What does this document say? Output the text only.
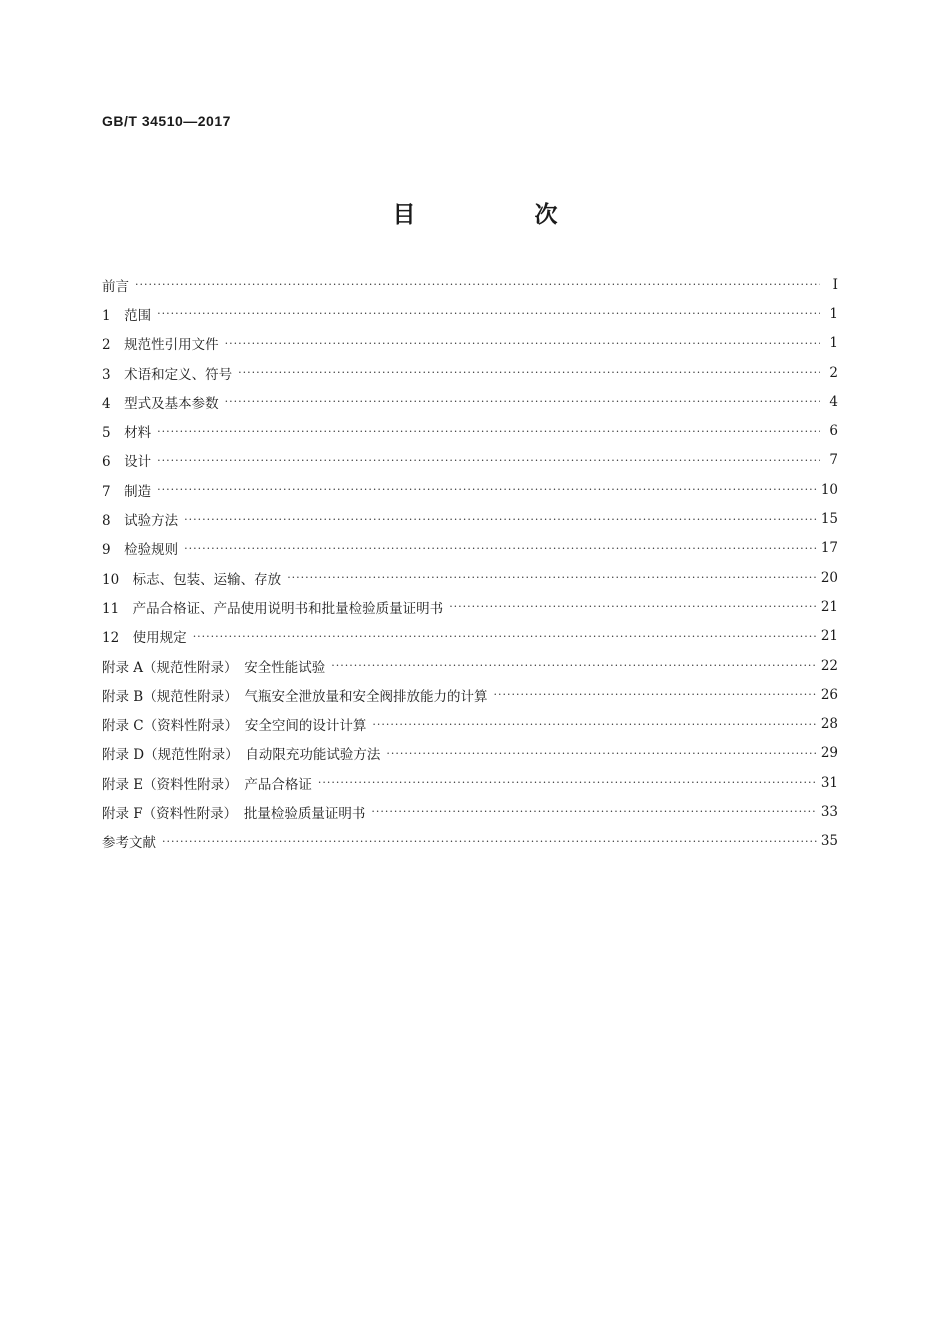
GB/T 34510—2017
目　次
前言 ·····	Ⅰ
1　范围 ·····	1
2　规范性引用文件 ·····	1
3　术语和定义、符号 ·····	2
4　型式及基本参数 ·····	4
5　材料 ·····	6
6　设计 ·····	7
7　制造 ·····	10
8　试验方法 ·····	15
9　检验规则 ·····	17
10　标志、包装、运输、存放 ·····	20
11　产品合格证、产品使用说明书和批量检验质量证明书 ·····	21
12　使用规定 ·····	21
附录 A（规范性附录）　安全性能试验 ·····	22
附录 B（规范性附录）　气瓶安全泄放量和安全阀排放能力的计算 ·····	26
附录 C（资料性附录）　安全空间的设计计算 ·····	28
附录 D（规范性附录）　自动限充功能试验方法 ·····	29
附录 E（资料性附录）　产品合格证 ·····	31
附录 F（资料性附录）　批量检验质量证明书 ·····	33
参考文献 ·····	35
